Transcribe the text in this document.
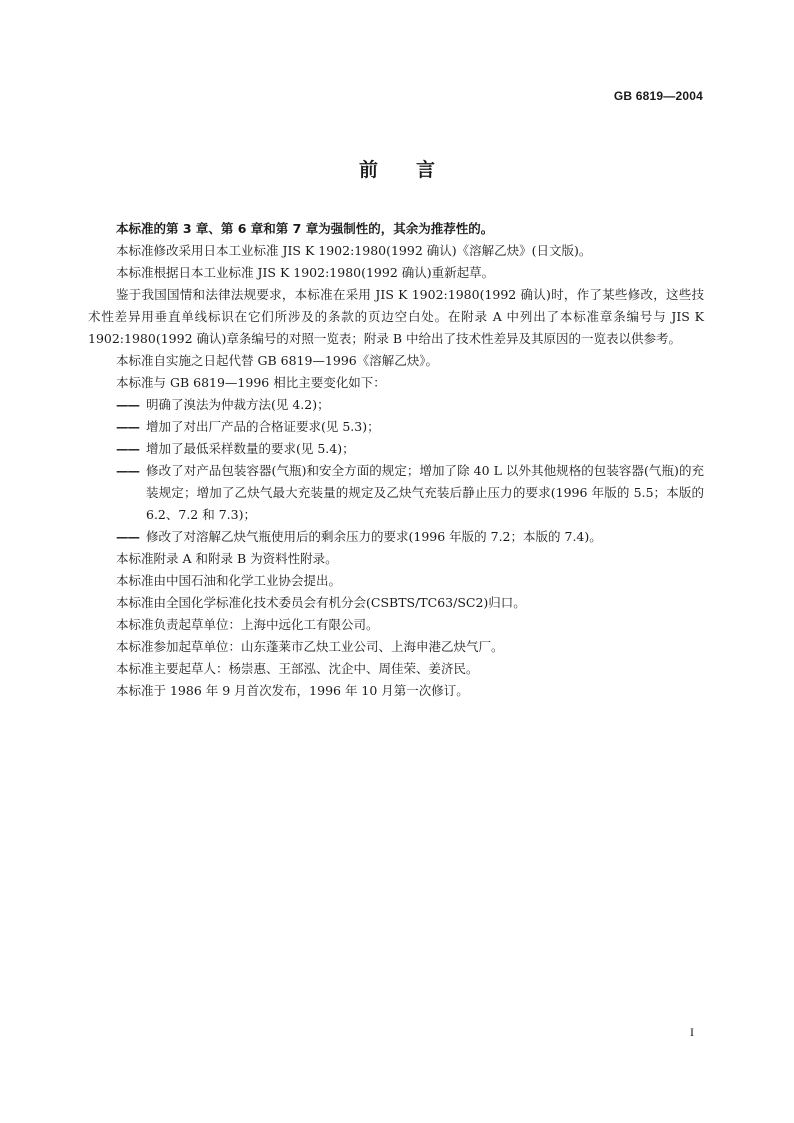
GB 6819—2004
前 言

本标准的第 3 章、第 6 章和第 7 章为强制性的，其余为推荐性的。

本标准修改采用日本工业标准 JIS K 1902:1980(1992 确认)《溶解乙炔》(日文版)。

本标准根据日本工业标准 JIS K 1902:1980(1992 确认)重新起草。

鉴于我国国情和法律法规要求，本标准在采用 JIS K 1902:1980(1992 确认)时，作了某些修改，这些技术性差异用垂直单线标识在它们所涉及的条款的页边空白处。在附录 A 中列出了本标准章条编号与 JIS K 1902:1980(1992 确认)章条编号的对照一览表；附录 B 中给出了技术性差异及其原因的一览表以供参考。

本标准自实施之日起代替 GB 6819—1996《溶解乙炔》。

本标准与 GB 6819—1996 相比主要变化如下：

—— 明确了溴法为仲裁方法(见 4.2)；

—— 增加了对出厂产品的合格证要求(见 5.3)；

—— 增加了最低采样数量的要求(见 5.4)；

—— 修改了对产品包装容器(气瓶)和安全方面的规定；增加了除 40 L 以外其他规格的包装容器(气瓶)的充装规定；增加了乙炔气最大充装量的规定及乙炔气充装后静止压力的要求(1996 年版的 5.5；本版的 6.2、7.2 和 7.3)；

—— 修改了对溶解乙炔气瓶使用后的剩余压力的要求(1996 年版的 7.2；本版的 7.4)。

本标准附录 A 和附录 B 为资料性附录。

本标准由中国石油和化学工业协会提出。

本标准由全国化学标准化技术委员会有机分会(CSBTS/TC63/SC2)归口。

本标准负责起草单位：上海中远化工有限公司。

本标准参加起草单位：山东蓬莱市乙炔工业公司、上海申港乙炔气厂。

本标准主要起草人：杨崇惠、王部泓、沈企中、周佳荣、姜济民。

本标准于 1986 年 9 月首次发布，1996 年 10 月第一次修订。

I
